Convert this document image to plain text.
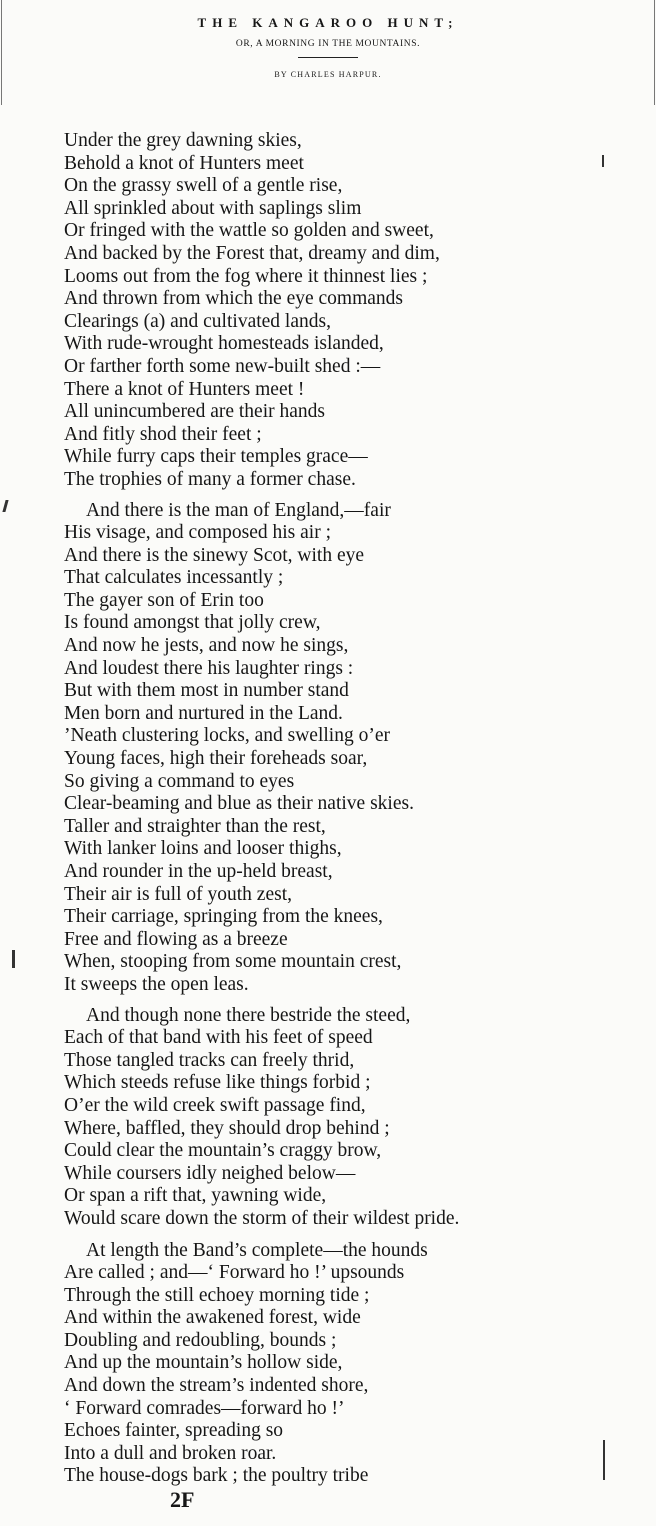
THE KANGAROO HUNT;

OR, A MORNING IN THE MOUNTAINS.

BY CHARLES HARPUR.

Under the grey dawning skies,
Behold a knot of Hunters meet
On the grassy swell of a gentle rise,
All sprinkled about with saplings slim
Or fringed with the wattle so golden and sweet,
And backed by the Forest that, dreamy and dim,
Looms out from the fog where it thinnest lies ;
And thrown from which the eye commands
Clearings (a) and cultivated lands,
With rude-wrought homesteads islanded,
Or farther forth some new-built shed :—
There a knot of Hunters meet !
All unincumbered are their hands
And fitly shod their feet ;
While furry caps their temples grace—
The trophies of many a former chase.
And there is the man of England,—fair
His visage, and composed his air ;
And there is the sinewy Scot, with eye
That calculates incessantly ;
The gayer son of Erin too
Is found amongst that jolly crew,
And now he jests, and now he sings,
And loudest there his laughter rings :
But with them most in number stand
Men born and nurtured in the Land.
’Neath clustering locks, and swelling o’er
Young faces, high their foreheads soar,
So giving a command to eyes
Clear-beaming and blue as their native skies.
Taller and straighter than the rest,
With lanker loins and looser thighs,
And rounder in the up-held breast,
Their air is full of youth zest,
Their carriage, springing from the knees,
Free and flowing as a breeze
When, stooping from some mountain crest,
It sweeps the open leas.
And though none there bestride the steed,
Each of that band with his feet of speed
Those tangled tracks can freely thrid,
Which steeds refuse like things forbid ;
O’er the wild creek swift passage find,
Where, baffled, they should drop behind ;
Could clear the mountain’s craggy brow,
While coursers idly neighed below—
Or span a rift that, yawning wide,
Would scare down the storm of their wildest pride.
At length the Band’s complete—the hounds
Are called ; and—‘ Forward ho !’ upsounds
Through the still echoey morning tide ;
And within the awakened forest, wide
Doubling and redoubling, bounds ;
And up the mountain’s hollow side,
And down the stream’s indented shore,
‘ Forward comrades—forward ho !’
Echoes fainter, spreading so
Into a dull and broken roar.
The house-dogs bark ; the poultry tribe
2F
